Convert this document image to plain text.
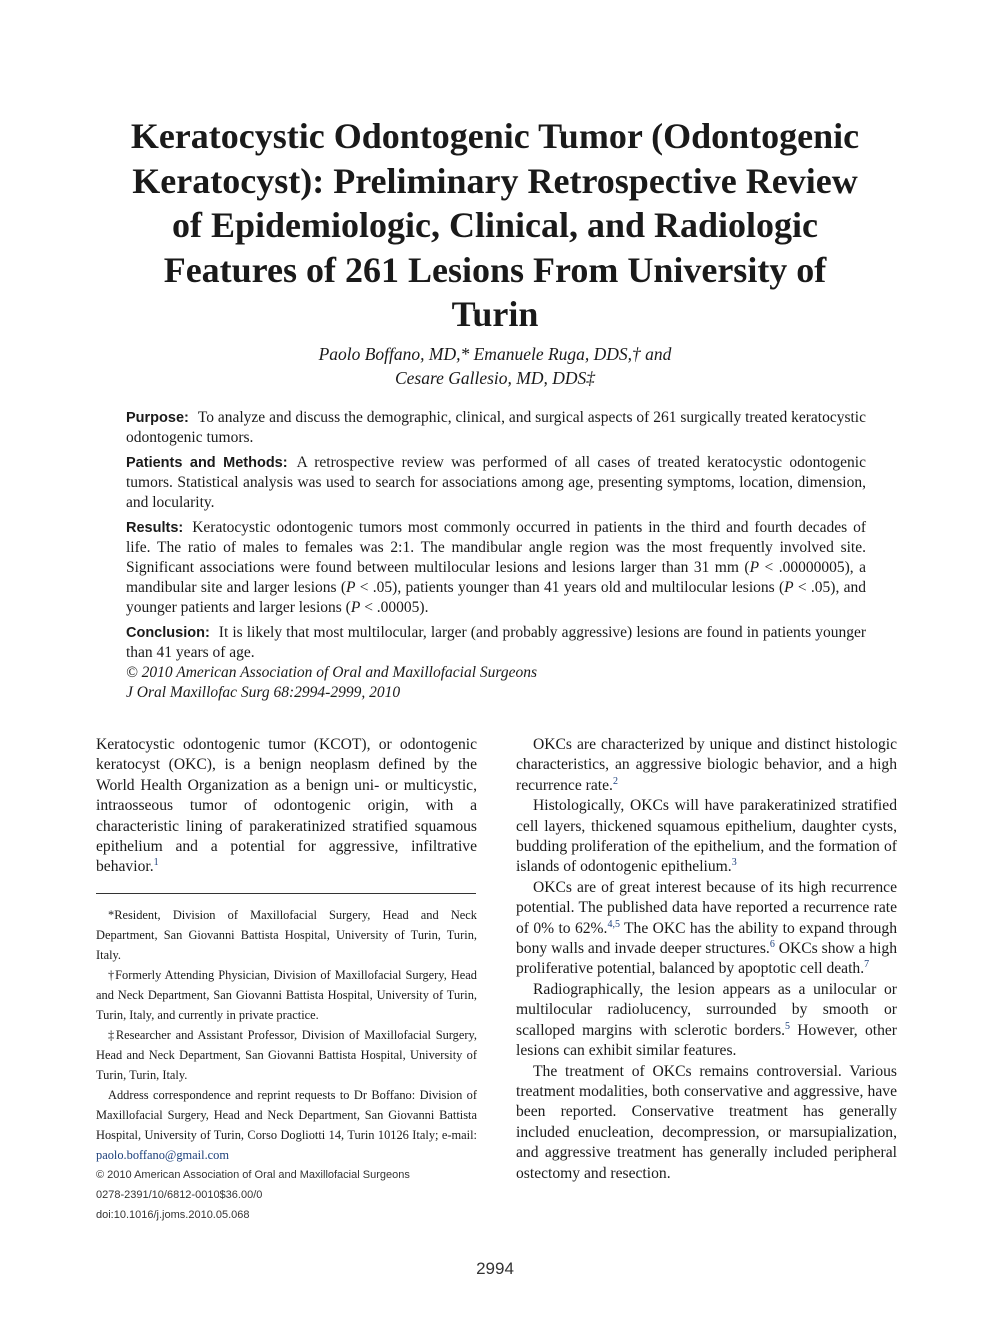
Keratocystic Odontogenic Tumor (Odontogenic Keratocyst): Preliminary Retrospective Review of Epidemiologic, Clinical, and Radiologic Features of 261 Lesions From University of Turin
Paolo Boffano, MD,* Emanuele Ruga, DDS,† and
Cesare Gallesio, MD, DDS‡

Purpose: To analyze and discuss the demographic, clinical, and surgical aspects of 261 surgically treated keratocystic odontogenic tumors.

Patients and Methods: A retrospective review was performed of all cases of treated keratocystic odontogenic tumors. Statistical analysis was used to search for associations among age, presenting symptoms, location, dimension, and locularity.

Results: Keratocystic odontogenic tumors most commonly occurred in patients in the third and fourth decades of life. The ratio of males to females was 2:1. The mandibular angle region was the most frequently involved site. Significant associations were found between multilocular lesions and lesions larger than 31 mm (P < .00000005), a mandibular site and larger lesions (P < .05), patients younger than 41 years old and multilocular lesions (P < .05), and younger patients and larger lesions (P < .00005).

Conclusion: It is likely that most multilocular, larger (and probably aggressive) lesions are found in patients younger than 41 years of age.

© 2010 American Association of Oral and Maxillofacial Surgeons
J Oral Maxillofac Surg 68:2994-2999, 2010

Keratocystic odontogenic tumor (KCOT), or odontogenic keratocyst (OKC), is a benign neoplasm defined by the World Health Organization as a benign uni- or multicystic, intraosseous tumor of odontogenic origin, with a characteristic lining of parakeratinized stratified squamous epithelium and a potential for aggressive, infiltrative behavior.$^1$

*Resident, Division of Maxillofacial Surgery, Head and Neck Department, San Giovanni Battista Hospital, University of Turin, Turin, Italy.

†Formerly Attending Physician, Division of Maxillofacial Surgery, Head and Neck Department, San Giovanni Battista Hospital, University of Turin, Turin, Italy, and currently in private practice.

‡Researcher and Assistant Professor, Division of Maxillofacial Surgery, Head and Neck Department, San Giovanni Battista Hospital, University of Turin, Turin, Italy.

Address correspondence and reprint requests to Dr Boffano: Division of Maxillofacial Surgery, Head and Neck Department, San Giovanni Battista Hospital, University of Turin, Corso Dogliotti 14, Turin 10126 Italy; e-mail: paolo.boffano@gmail.com

© 2010 American Association of Oral and Maxillofacial Surgeons
0278-2391/10/6812-0010$36.00/0
doi:10.1016/j.joms.2010.05.068

OKCs are characterized by unique and distinct histologic characteristics, an aggressive biologic behavior, and a high recurrence rate.$^2$

Histologically, OKCs will have parakeratinized stratified cell layers, thickened squamous epithelium, daughter cysts, budding proliferation of the epithelium, and the formation of islands of odontogenic epithelium.$^3$

OKCs are of great interest because of its high recurrence potential. The published data have reported a recurrence rate of 0% to 62%.$^{4,5}$ The OKC has the ability to expand through bony walls and invade deeper structures.$^6$ OKCs show a high proliferative potential, balanced by apoptotic cell death.$^7$

Radiographically, the lesion appears as a unilocular or multilocular radiolucency, surrounded by smooth or scalloped margins with sclerotic borders.$^5$ However, other lesions can exhibit similar features.

The treatment of OKCs remains controversial. Various treatment modalities, both conservative and aggressive, have been reported. Conservative treatment has generally included enucleation, decompression, or marsupialization, and aggressive treatment has generally included peripheral ostectomy and resection.

2994
